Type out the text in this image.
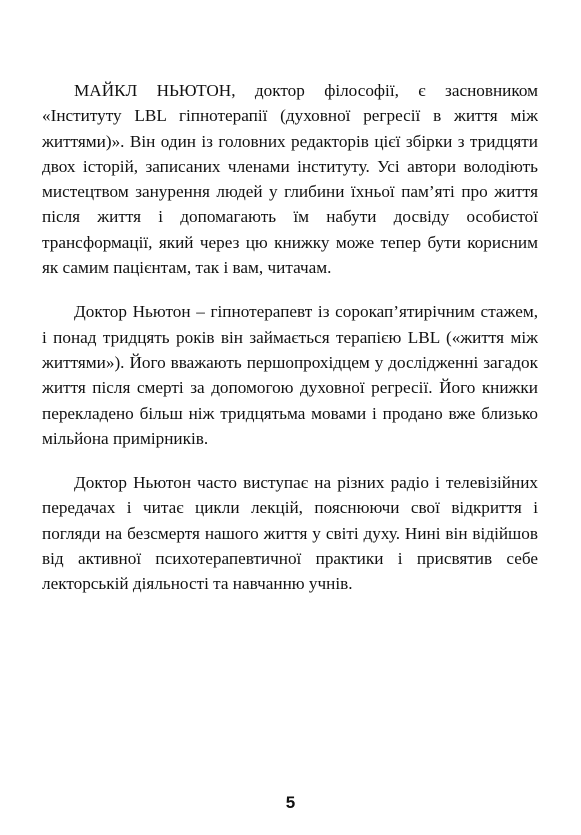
МАЙКЛ НЬЮТОН, доктор філософії, є засновником «Інституту LBL гіпнотерапії (духовної регресії в життя між життями)». Він один із головних редакторів цієї збірки з тридцяти двох історій, записаних членами інституту. Усі автори володіють мистецтвом занурення людей у глибини їхньої пам’яті про життя після життя і допомагають їм набути досвіду особистої трансформації, який через цю книжку може тепер бути корисним як самим пацієнтам, так і вам, читачам.

Доктор Ньютон – гіпнотерапевт із сорокап’ятирічним стажем, і понад тридцять років він займається терапією LBL («життя між життями»). Його вважають першопрохідцем у дослідженні загадок життя після смерті за допомогою духовної регресії. Його книжки перекладено більш ніж тридцятьма мовами і продано вже близько мільйона примірників.

Доктор Ньютон часто виступає на різних радіо і телевізійних передачах і читає цикли лекцій, пояснюючи свої відкриття і погляди на безсмертя нашого життя у світі духу. Нині він відійшов від активної психотерапевтичної практики і присвятив себе лекторській діяльності та навчанню учнів.

5
